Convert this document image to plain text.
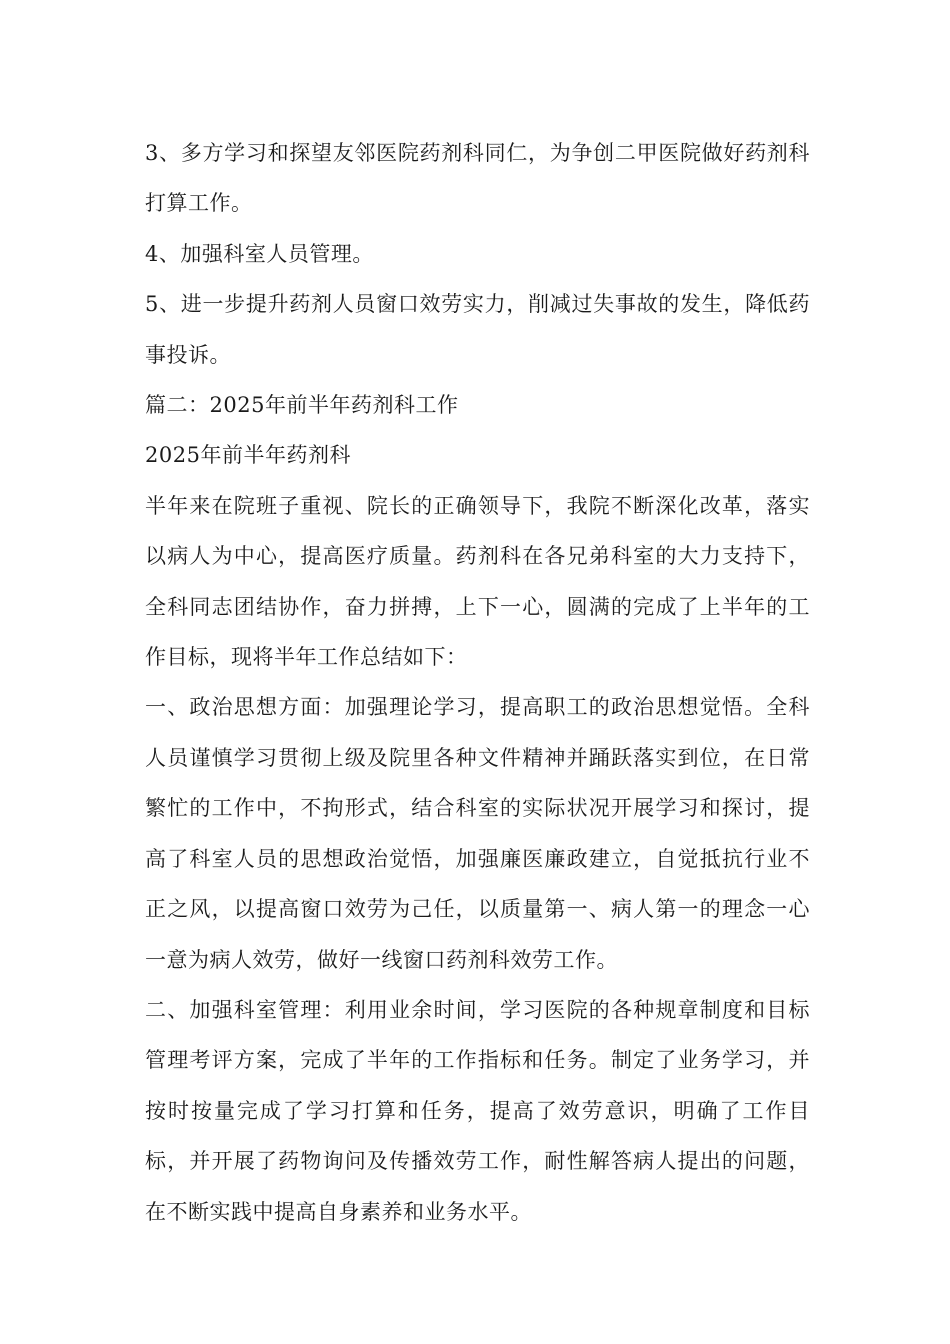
3、多方学习和探望友邻医院药剂科同仁，为争创二甲医院做好药剂科打算工作。

4、加强科室人员管理。

5、进一步提升药剂人员窗口效劳实力，削减过失事故的发生，降低药事投诉。

篇二：2025年前半年药剂科工作

2025年前半年药剂科

半年来在院班子重视、院长的正确领导下，我院不断深化改革，落实以病人为中心，提高医疗质量。药剂科在各兄弟科室的大力支持下，全科同志团结协作，奋力拼搏，上下一心，圆满的完成了上半年的工作目标，现将半年工作总结如下：

一、政治思想方面：加强理论学习，提高职工的政治思想觉悟。全科人员谨慎学习贯彻上级及院里各种文件精神并踊跃落实到位，在日常繁忙的工作中，不拘形式，结合科室的实际状况开展学习和探讨，提高了科室人员的思想政治觉悟，加强廉医廉政建立，自觉抵抗行业不正之风，以提高窗口效劳为己任，以质量第一、病人第一的理念一心一意为病人效劳，做好一线窗口药剂科效劳工作。

二、加强科室管理：利用业余时间，学习医院的各种规章制度和目标管理考评方案，完成了半年的工作指标和任务。制定了业务学习，并按时按量完成了学习打算和任务，提高了效劳意识，明确了工作目标，并开展了药物询问及传播效劳工作，耐性解答病人提出的问题，在不断实践中提高自身素养和业务水平。
